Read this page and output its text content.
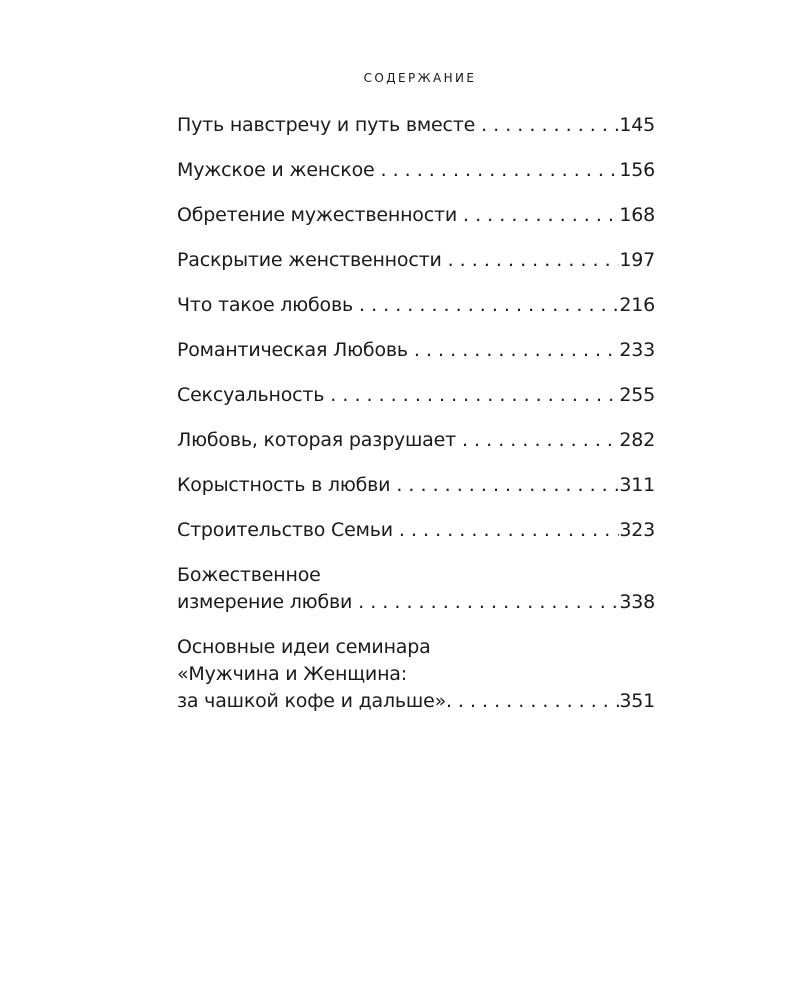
СОДЕРЖАНИЕ
Путь навстречу и путь вместе . . .	145
Мужское и женское . . .	156
Обретение мужественности . . .	168
Раскрытие женственности . . .	197
Что такое любовь . . .	216
Романтическая Любовь . . .	233
Сексуальность . . .	255
Любовь, которая разрушает . . .	282
Корыстность в любви . . .	311
Строительство Семьи . . .	323
Божественное
измерение любви . . .	338
Основные идеи семинара
«Мужчина и Женщина:
за чашкой кофе и дальше». . . .	351
